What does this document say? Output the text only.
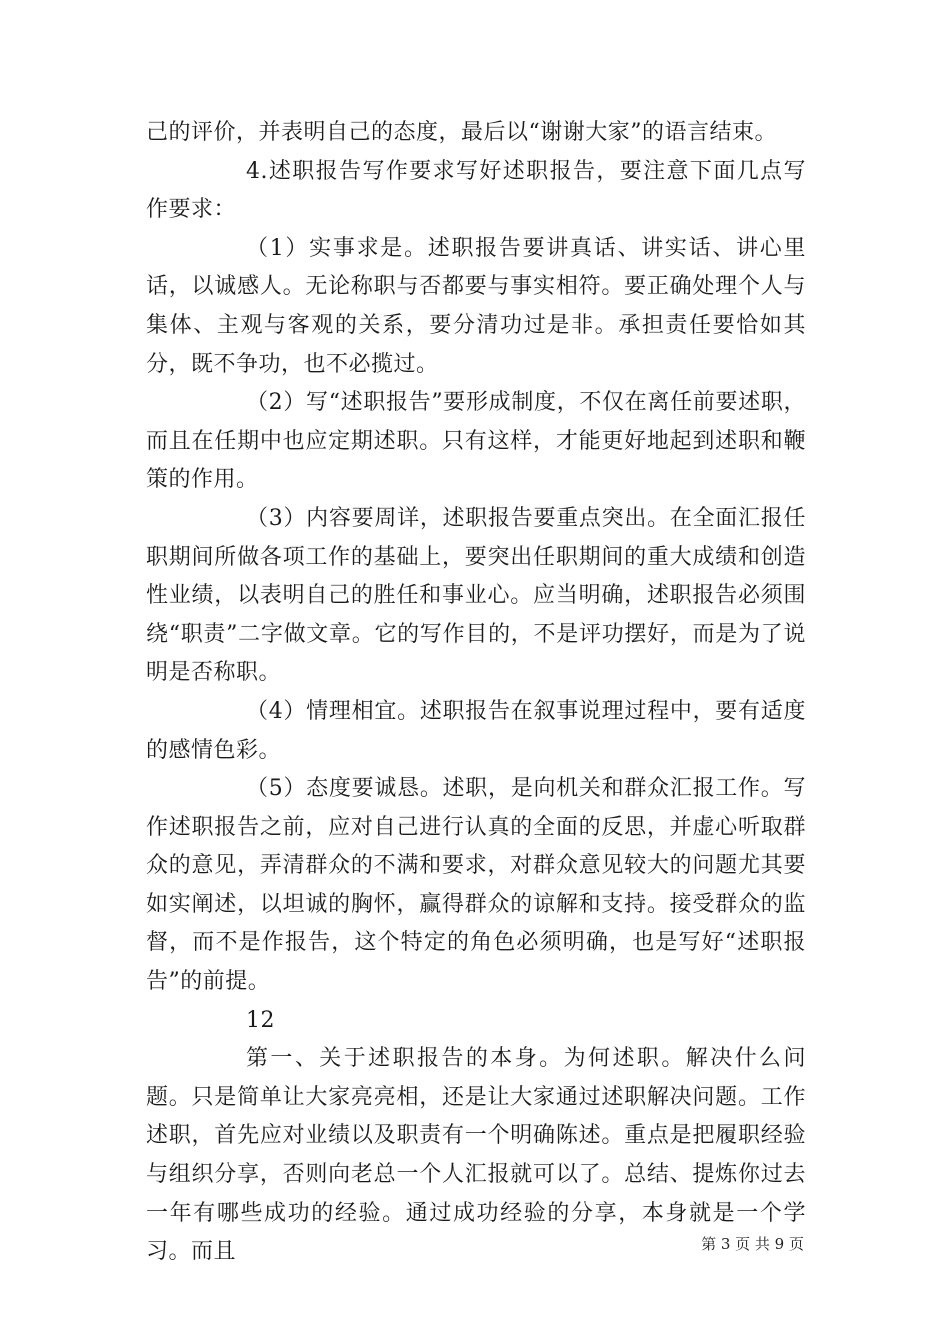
己的评价，并表明自己的态度，最后以“谢谢大家”的语言结束。

4.述职报告写作要求写好述职报告，要注意下面几点写作要求：

（1）实事求是。述职报告要讲真话、讲实话、讲心里话，以诚感人。无论称职与否都要与事实相符。要正确处理个人与集体、主观与客观的关系，要分清功过是非。承担责任要恰如其分，既不争功，也不必揽过。

（2）写“述职报告”要形成制度，不仅在离任前要述职，而且在任期中也应定期述职。只有这样，才能更好地起到述职和鞭策的作用。

（3）内容要周详，述职报告要重点突出。在全面汇报任职期间所做各项工作的基础上，要突出任职期间的重大成绩和创造性业绩，以表明自己的胜任和事业心。应当明确，述职报告必须围绕“职责”二字做文章。它的写作目的，不是评功摆好，而是为了说明是否称职。

（4）情理相宜。述职报告在叙事说理过程中，要有适度的感情色彩。

（5）态度要诚恳。述职，是向机关和群众汇报工作。写作述职报告之前，应对自己进行认真的全面的反思，并虚心听取群众的意见，弄清群众的不满和要求，对群众意见较大的问题尤其要如实阐述，以坦诚的胸怀，赢得群众的谅解和支持。接受群众的监督，而不是作报告，这个特定的角色必须明确，也是写好“述职报告”的前提。

12

第一、关于述职报告的本身。为何述职。解决什么问题。只是简单让大家亮亮相，还是让大家通过述职解决问题。工作述职，首先应对业绩以及职责有一个明确陈述。重点是把履职经验与组织分享，否则向老总一个人汇报就可以了。总结、提炼你过去一年有哪些成功的经验。通过成功经验的分享，本身就是一个学习。而且	第 3 页 共 9 页
